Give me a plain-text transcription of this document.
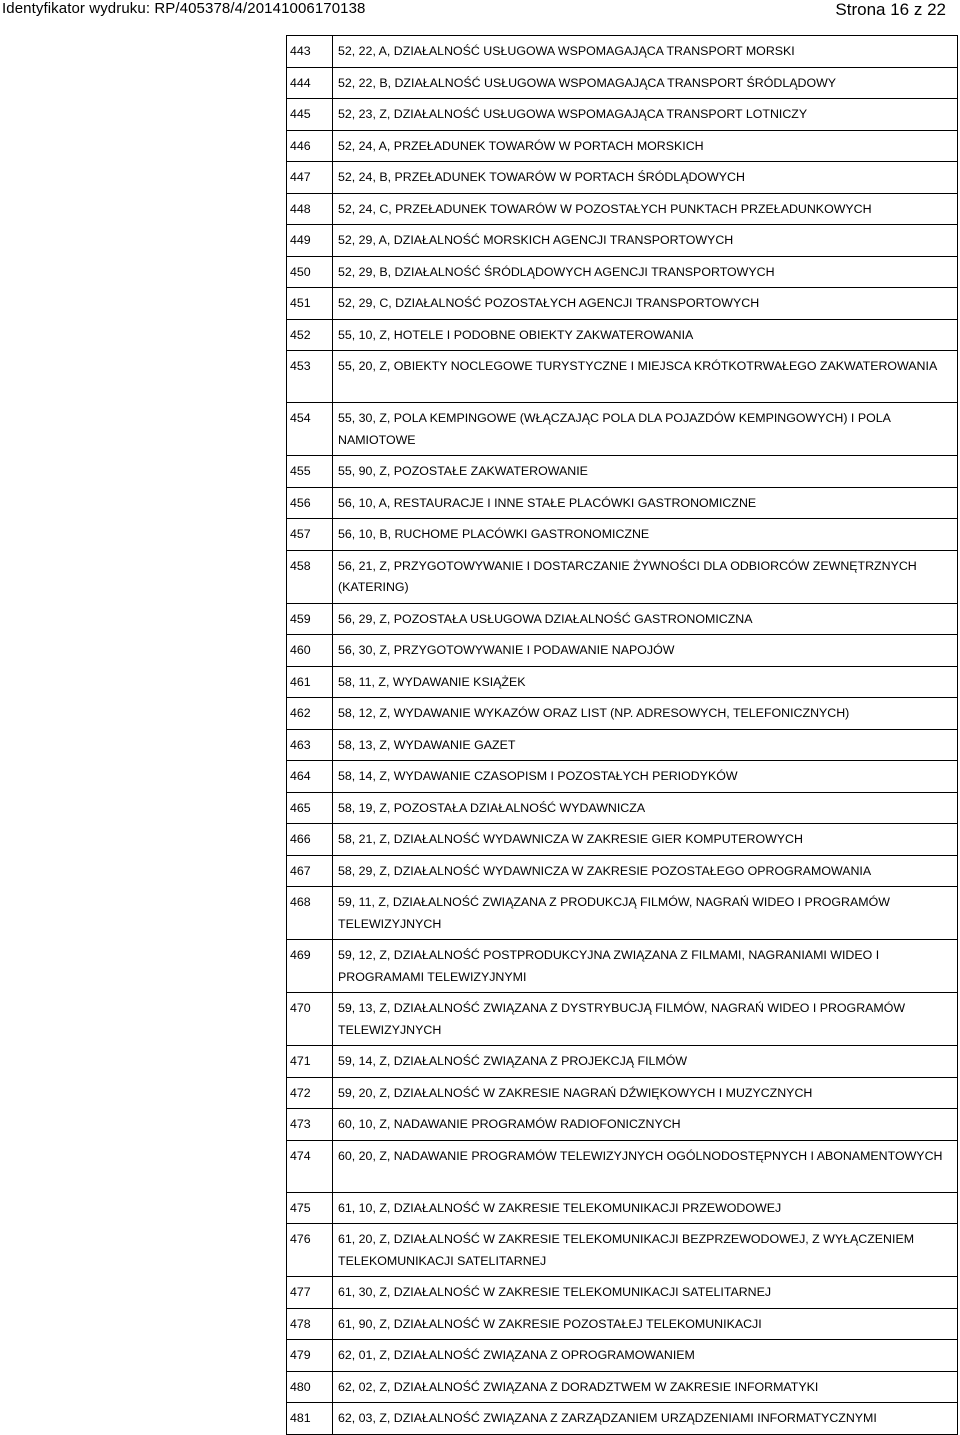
Identyfikator wydruku: RP/405378/4/20141006170138	Strona 16 z 22
443	52, 22, A, DZIAŁALNOŚĆ USŁUGOWA WSPOMAGAJĄCA TRANSPORT MORSKI
444	52, 22, B, DZIAŁALNOŚĆ USŁUGOWA WSPOMAGAJĄCA TRANSPORT ŚRÓDLĄDOWY
445	52, 23, Z, DZIAŁALNOŚĆ USŁUGOWA WSPOMAGAJĄCA TRANSPORT LOTNICZY
446	52, 24, A, PRZEŁADUNEK TOWARÓW W PORTACH MORSKICH
447	52, 24, B, PRZEŁADUNEK TOWARÓW W PORTACH ŚRÓDLĄDOWYCH
448	52, 24, C, PRZEŁADUNEK TOWARÓW W POZOSTAŁYCH PUNKTACH PRZEŁADUNKOWYCH
449	52, 29, A, DZIAŁALNOŚĆ MORSKICH AGENCJI TRANSPORTOWYCH
450	52, 29, B, DZIAŁALNOŚĆ ŚRÓDLĄDOWYCH AGENCJI TRANSPORTOWYCH
451	52, 29, C, DZIAŁALNOŚĆ POZOSTAŁYCH AGENCJI TRANSPORTOWYCH
452	55, 10, Z, HOTELE I PODOBNE OBIEKTY ZAKWATEROWANIA
453	55, 20, Z, OBIEKTY NOCLEGOWE TURYSTYCZNE I MIEJSCA KRÓTKOTRWAŁEGO ZAKWATEROWANIA
454	55, 30, Z, POLA KEMPINGOWE (WŁĄCZAJĄC POLA DLA POJAZDÓW KEMPINGOWYCH) I POLA NAMIOTOWE
455	55, 90, Z, POZOSTAŁE ZAKWATEROWANIE
456	56, 10, A, RESTAURACJE I INNE STAŁE PLACÓWKI GASTRONOMICZNE
457	56, 10, B, RUCHOME PLACÓWKI GASTRONOMICZNE
458	56, 21, Z, PRZYGOTOWYWANIE I DOSTARCZANIE ŻYWNOŚCI DLA ODBIORCÓW ZEWNĘTRZNYCH (KATERING)
459	56, 29, Z, POZOSTAŁA USŁUGOWA DZIAŁALNOŚĆ GASTRONOMICZNA
460	56, 30, Z, PRZYGOTOWYWANIE I PODAWANIE NAPOJÓW
461	58, 11, Z, WYDAWANIE KSIĄŻEK
462	58, 12, Z, WYDAWANIE WYKAZÓW ORAZ LIST (NP. ADRESOWYCH, TELEFONICZNYCH)
463	58, 13, Z, WYDAWANIE GAZET
464	58, 14, Z, WYDAWANIE CZASOPISM I POZOSTAŁYCH PERIODYKÓW
465	58, 19, Z, POZOSTAŁA DZIAŁALNOŚĆ WYDAWNICZA
466	58, 21, Z, DZIAŁALNOŚĆ WYDAWNICZA W ZAKRESIE GIER KOMPUTEROWYCH
467	58, 29, Z, DZIAŁALNOŚĆ WYDAWNICZA W ZAKRESIE POZOSTAŁEGO OPROGRAMOWANIA
468	59, 11, Z, DZIAŁALNOŚĆ ZWIĄZANA Z PRODUKCJĄ FILMÓW, NAGRAŃ WIDEO I PROGRAMÓW TELEWIZYJNYCH
469	59, 12, Z, DZIAŁALNOŚĆ POSTPRODUKCYJNA ZWIĄZANA Z FILMAMI, NAGRANIAMI WIDEO I PROGRAMAMI TELEWIZYJNYMI
470	59, 13, Z, DZIAŁALNOŚĆ ZWIĄZANA Z DYSTRYBUCJĄ FILMÓW, NAGRAŃ WIDEO I PROGRAMÓW TELEWIZYJNYCH
471	59, 14, Z, DZIAŁALNOŚĆ ZWIĄZANA Z PROJEKCJĄ FILMÓW
472	59, 20, Z, DZIAŁALNOŚĆ W ZAKRESIE NAGRAŃ DŹWIĘKOWYCH I MUZYCZNYCH
473	60, 10, Z, NADAWANIE PROGRAMÓW RADIOFONICZNYCH
474	60, 20, Z, NADAWANIE PROGRAMÓW TELEWIZYJNYCH OGÓLNODOSTĘPNYCH I ABONAMENTOWYCH
475	61, 10, Z, DZIAŁALNOŚĆ W ZAKRESIE TELEKOMUNIKACJI PRZEWODOWEJ
476	61, 20, Z, DZIAŁALNOŚĆ W ZAKRESIE TELEKOMUNIKACJI BEZPRZEWODOWEJ, Z WYŁĄCZENIEM TELEKOMUNIKACJI SATELITARNEJ
477	61, 30, Z, DZIAŁALNOŚĆ W ZAKRESIE TELEKOMUNIKACJI SATELITARNEJ
478	61, 90, Z, DZIAŁALNOŚĆ W ZAKRESIE POZOSTAŁEJ TELEKOMUNIKACJI
479	62, 01, Z, DZIAŁALNOŚĆ ZWIĄZANA Z OPROGRAMOWANIEM
480	62, 02, Z, DZIAŁALNOŚĆ ZWIĄZANA Z DORADZTWEM W ZAKRESIE INFORMATYKI
481	62, 03, Z, DZIAŁALNOŚĆ ZWIĄZANA Z ZARZĄDZANIEM URZĄDZENIAMI INFORMATYCZNYMI
